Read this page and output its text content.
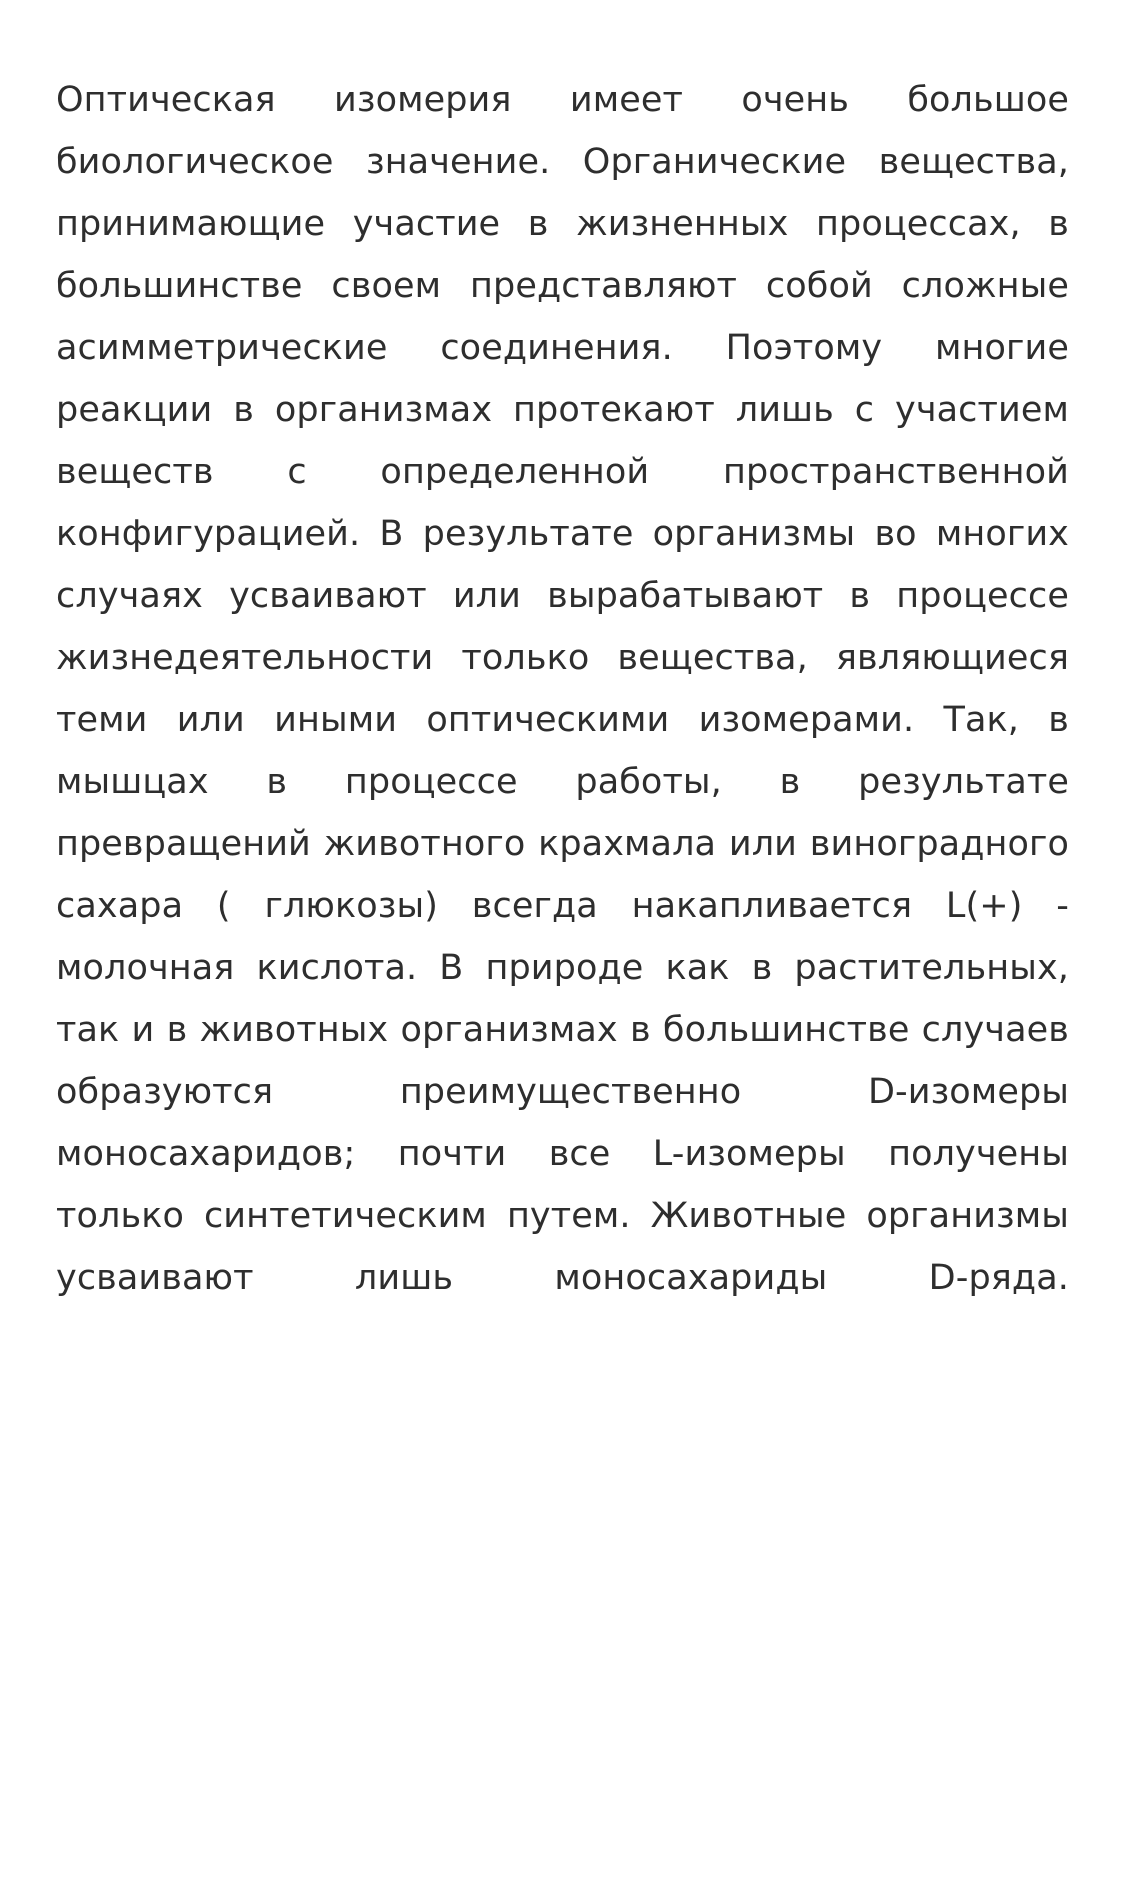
Оптическая изомерия имеет очень большое биологическое значение. Органические вещества, принимающие участие в жизненных процессах, в большинстве своем представляют собой сложные асимметрические соединения. Поэтому многие реакции в организмах протекают лишь с участием веществ с определенной пространственной конфигурацией. В результате организмы во многих случаях усваивают или вырабатывают в процессе жизнедеятельности только вещества, являющиеся теми или иными оптическими изомерами. Так, в мышцах в процессе работы, в результате превращений животного крахмала или виноградного сахара ( глюкозы) всегда накапливается L(+) - молочная кислота. В природе как в растительных, так и в животных организмах в большинстве случаев образуются преимущественно D-изомеры моносахаридов; почти все L-изомеры получены только синтетическим путем. Животные организмы усваивают лишь моносахариды D-ряда.
